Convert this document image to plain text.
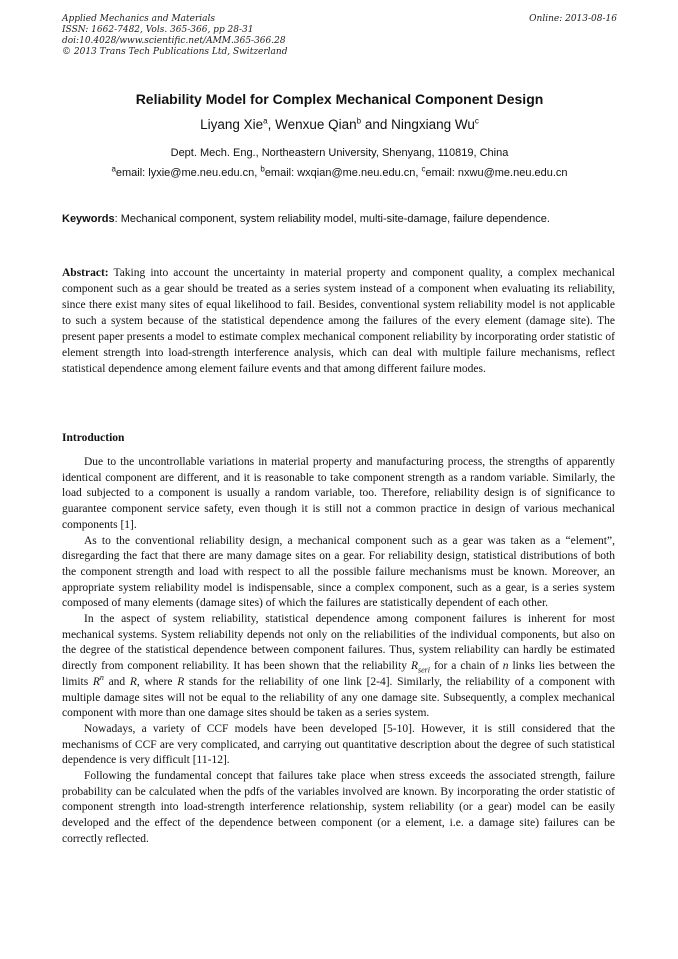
Applied Mechanics and Materials
ISSN: 1662-7482, Vols. 365-366, pp 28-31
doi:10.4028/www.scientific.net/AMM.365-366.28
© 2013 Trans Tech Publications Ltd, Switzerland
Online: 2013-08-16
Reliability Model for Complex Mechanical Component Design
Liyang Xie$^a$, Wenxue Qian$^b$ and Ningxiang Wu$^c$
Dept. Mech. Eng., Northeastern University, Shenyang, 110819, China
$^a$email: lyxie@me.neu.edu.cn, $^b$email: wxqian@me.neu.edu.cn, $^c$email: nxwu@me.neu.edu.cn
Keywords: Mechanical component, system reliability model, multi-site-damage, failure dependence.
Abstract: Taking into account the uncertainty in material property and component quality, a complex mechanical component such as a gear should be treated as a series system instead of a component when evaluating its reliability, since there exist many sites of equal likelihood to fail. Besides, conventional system reliability model is not applicable to such a system because of the statistical dependence among the failures of the every element (damage site). The present paper presents a model to estimate complex mechanical component reliability by incorporating order statistic of element strength into load-strength interference analysis, which can deal with multiple failure mechanisms, reflect statistical dependence among element failure events and that among different failure modes.
Introduction

Due to the uncontrollable variations in material property and manufacturing process, the strengths of apparently identical component are different, and it is reasonable to take component strength as a random variable. Similarly, the load subjected to a component is usually a random variable, too. Therefore, reliability design is of significance to guarantee component service safety, even though it is still not a common practice in design of various mechanical components [1].

As to the conventional reliability design, a mechanical component such as a gear was taken as a “element”, disregarding the fact that there are many damage sites on a gear. For reliability design, statistical distributions of both the component strength and load with respect to all the possible failure mechanisms must be known. Moreover, an appropriate system reliability model is indispensable, since a complex component, such as a gear, is a series system composed of many elements (damage sites) of which the failures are statistically dependent of each other.

In the aspect of system reliability, statistical dependence among component failures is inherent for most mechanical systems. System reliability depends not only on the reliabilities of the individual components, but also on the degree of the statistical dependence between component failures. Thus, system reliability can hardly be estimated directly from component reliability. It has been shown that the reliability $R_{seri}$ for a chain of n links lies between the limits $R^n$ and R, where R stands for the reliability of one link [2-4]. Similarly, the reliability of a component with multiple damage sites will not be equal to the reliability of any one damage site. Subsequently, a complex mechanical component with more than one damage sites should be taken as a series system.

Nowadays, a variety of CCF models have been developed [5-10]. However, it is still considered that the mechanisms of CCF are very complicated, and carrying out quantitative description about the degree of such statistical dependence is very difficult [11-12].

Following the fundamental concept that failures take place when stress exceeds the associated strength, failure probability can be calculated when the pdfs of the variables involved are known. By incorporating the order statistic of component strength into load-strength interference relationship, system reliability (or a gear) model can be easily developed and the effect of the dependence between component (or a element, i.e. a damage site) failures can be correctly reflected.
